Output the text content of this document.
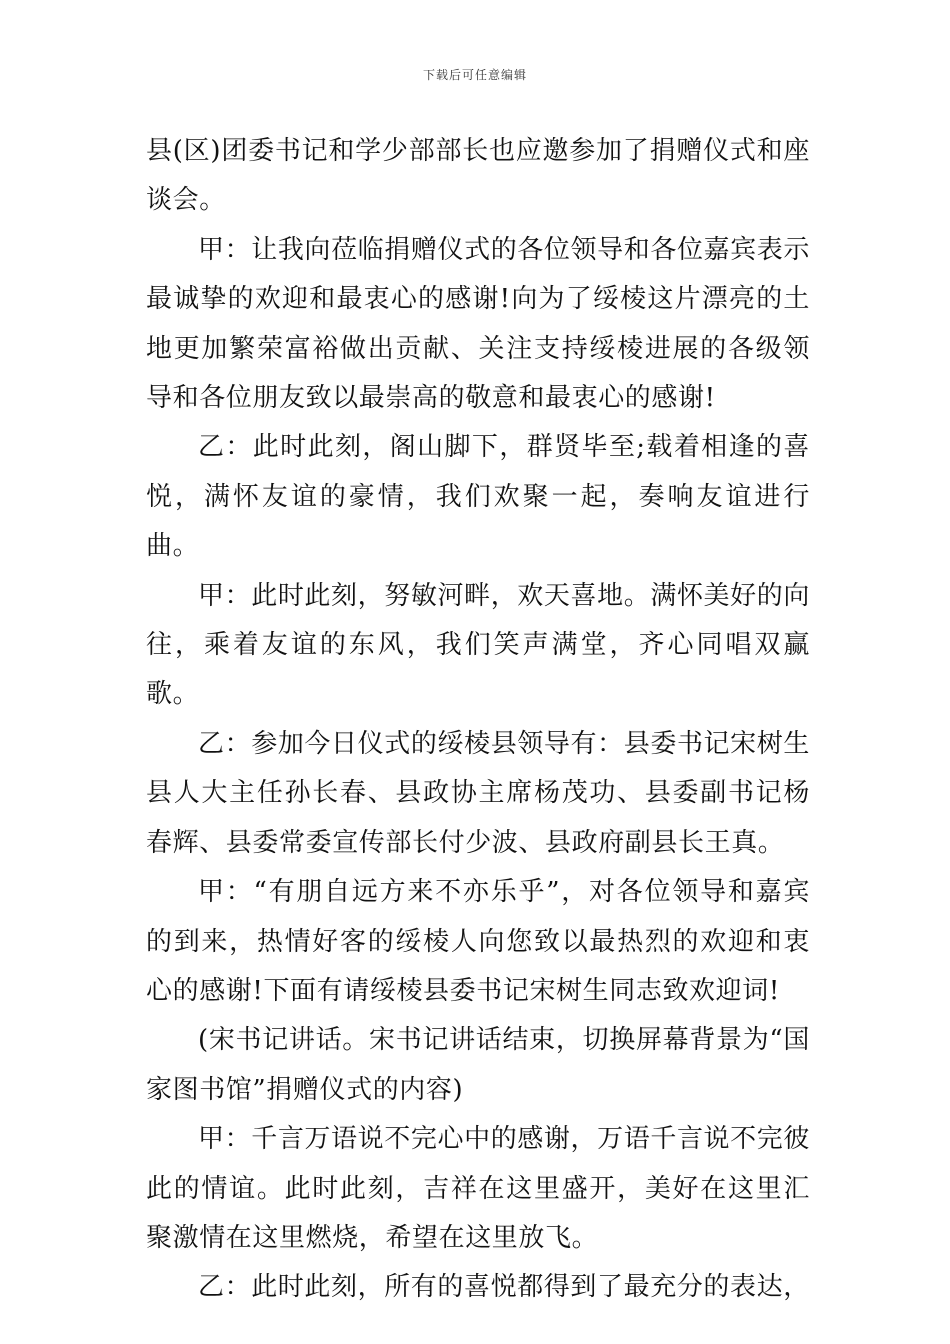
下载后可任意编辑

县(区)团委书记和学少部部长也应邀参加了捐赠仪式和座谈会。

甲：让我向莅临捐赠仪式的各位领导和各位嘉宾表示最诚挚的欢迎和最衷心的感谢!向为了绥棱这片漂亮的土地更加繁荣富裕做出贡献、关注支持绥棱进展的各级领导和各位朋友致以最崇高的敬意和最衷心的感谢!

乙：此时此刻，阁山脚下，群贤毕至;载着相逢的喜悦，满怀友谊的豪情，我们欢聚一起，奏响友谊进行曲。

甲：此时此刻，努敏河畔，欢天喜地。满怀美好的向往，乘着友谊的东风，我们笑声满堂，齐心同唱双赢歌。

乙：参加今日仪式的绥棱县领导有：县委书记宋树生县人大主任孙长春、县政协主席杨茂功、县委副书记杨春辉、县委常委宣传部长付少波、县政府副县长王真。

甲：“有朋自远方来不亦乐乎”，对各位领导和嘉宾的到来，热情好客的绥棱人向您致以最热烈的欢迎和衷心的感谢!下面有请绥棱县委书记宋树生同志致欢迎词!

(宋书记讲话。宋书记讲话结束，切换屏幕背景为“国家图书馆”捐赠仪式的内容)

甲：千言万语说不完心中的感谢，万语千言说不完彼此的情谊。此时此刻，吉祥在这里盛开，美好在这里汇聚激情在这里燃烧，希望在这里放飞。

乙：此时此刻，所有的喜悦都得到了最充分的表达，
